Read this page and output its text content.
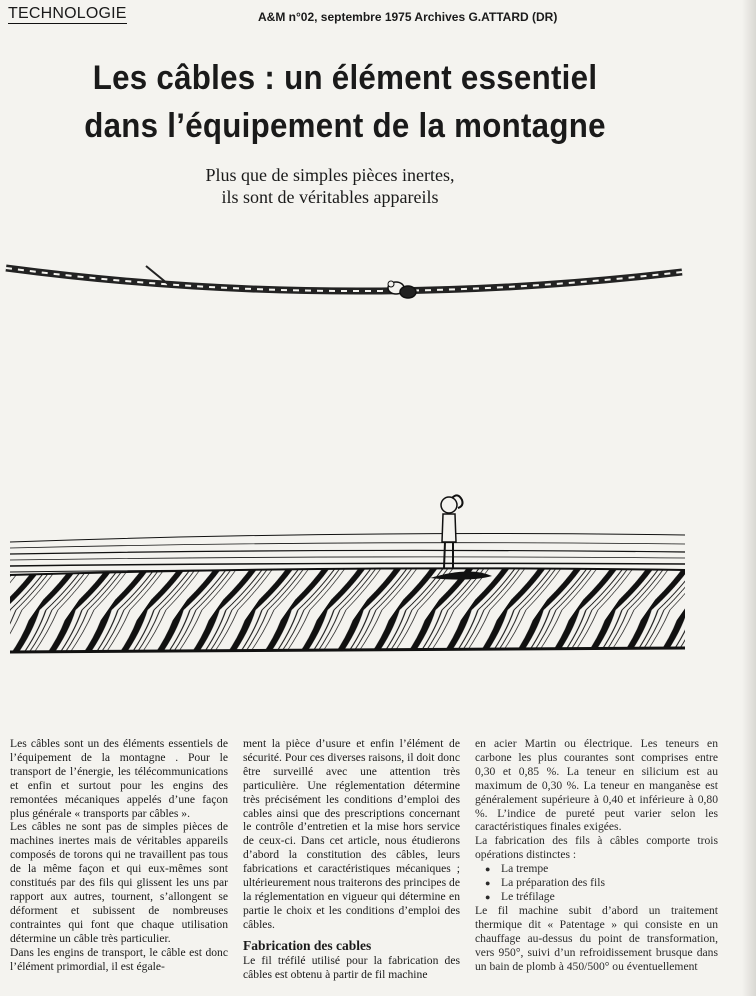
TECHNOLOGIE	A&M n°02, septembre 1975 Archives G.ATTARD (DR)
Les câbles : un élément essentiel
dans l’équipement de la montagne
Plus que de simples pièces inertes,
ils sont de véritables appareils

Les câbles sont un des éléments essentiels de l’équipement de la montagne . Pour le transport de l’énergie, les télécommunications et enfin et surtout pour les engins des remontées mécaniques appelés d’une façon plus générale « transports par câbles ».

Les câbles ne sont pas de simples pièces de machines inertes mais de véritables appareils composés de torons qui ne travaillent pas tous de la même façon et qui eux-mêmes sont constitués par des fils qui glissent les uns par rapport aux autres, tournent, s’allongent se déforment et subissent de nombreuses contraintes qui font que chaque utilisation détermine un câble très particulier.

Dans les engins de transport, le câble est donc l’élément primordial, il est égale-

ment la pièce d’usure et enfin l’élément de sécurité. Pour ces diverses raisons, il doit donc être surveillé avec une attention très particulière. Une réglementation détermine très précisément les conditions d’emploi des cables ainsi que des prescriptions concernant le contrôle d’entretien et la mise hors service de ceux-ci. Dans cet article, nous étudierons d’abord la constitution des câbles, leurs fabrications et caractéristiques mécaniques ; ultérieurement nous traiterons des principes de la réglementation en vigueur qui détermine en partie le choix et les conditions d’emploi des câbles.

Fabrication des cables

Le fil tréfilé utilisé pour la fabrication des câbles est obtenu à partir de fil machine

en acier Martin ou électrique. Les teneurs en carbone les plus courantes sont comprises entre 0,30 et 0,85 %. La teneur en silicium est au maximum de 0,30 %. La teneur en manganèse est généralement supérieure à 0,40 et inférieure à 0,80 %. L’indice de pureté peut varier selon les caractéristiques finales exigées.

La fabrication des fils à câbles comporte trois opérations distinctes :

● La trempe
● La préparation des fils
● Le tréfilage

Le fil machine subit d’abord un traitement thermique dit « Patentage » qui consiste en un chauffage au-dessus du point de transformation, vers 950°, suivi d’un refroidissement brusque dans un bain de plomb à 450/500° ou éventuellement
